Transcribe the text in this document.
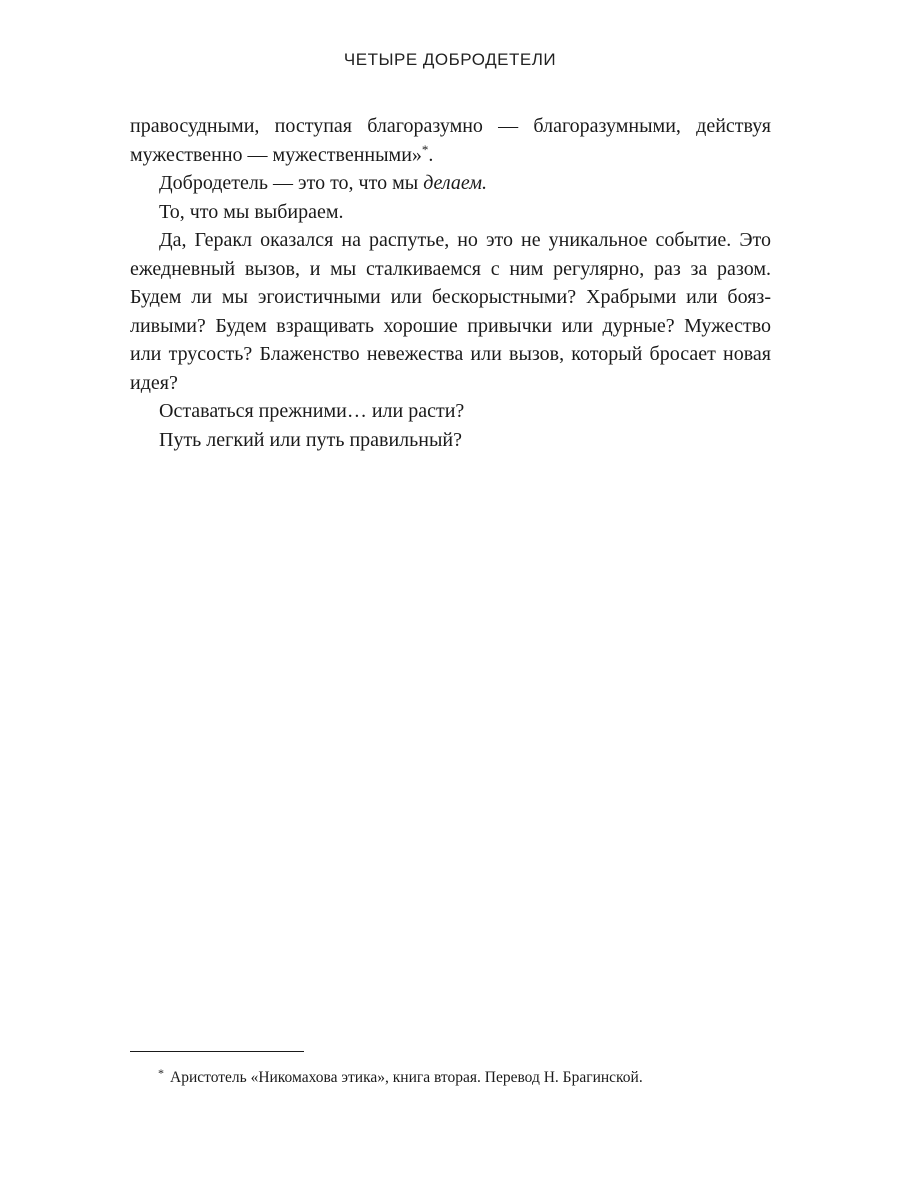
ЧЕТЫРЕ ДОБРОДЕТЕЛИ

правосудными, поступая благоразумно — благоразумными, действуя
мужественно — мужественными»*.

Добродетель — это то, что мы делаем.

То, что мы выбираем.

Да, Геракл оказался на распутье, но это не уникальное событие. Это
ежедневный вызов, и мы сталкиваемся с ним регулярно, раз за разом.
Будем ли мы эгоистичными или бескорыстными? Храбрыми или бояз-
ливыми? Будем взращивать хорошие привычки или дурные? Мужество
или трусость? Блаженство невежества или вызов, который бросает новая
идея?

Оставаться прежними… или расти?

Путь легкий или путь правильный?

* Аристотель «Никомахова этика», книга вторая. Перевод Н. Брагинской.
